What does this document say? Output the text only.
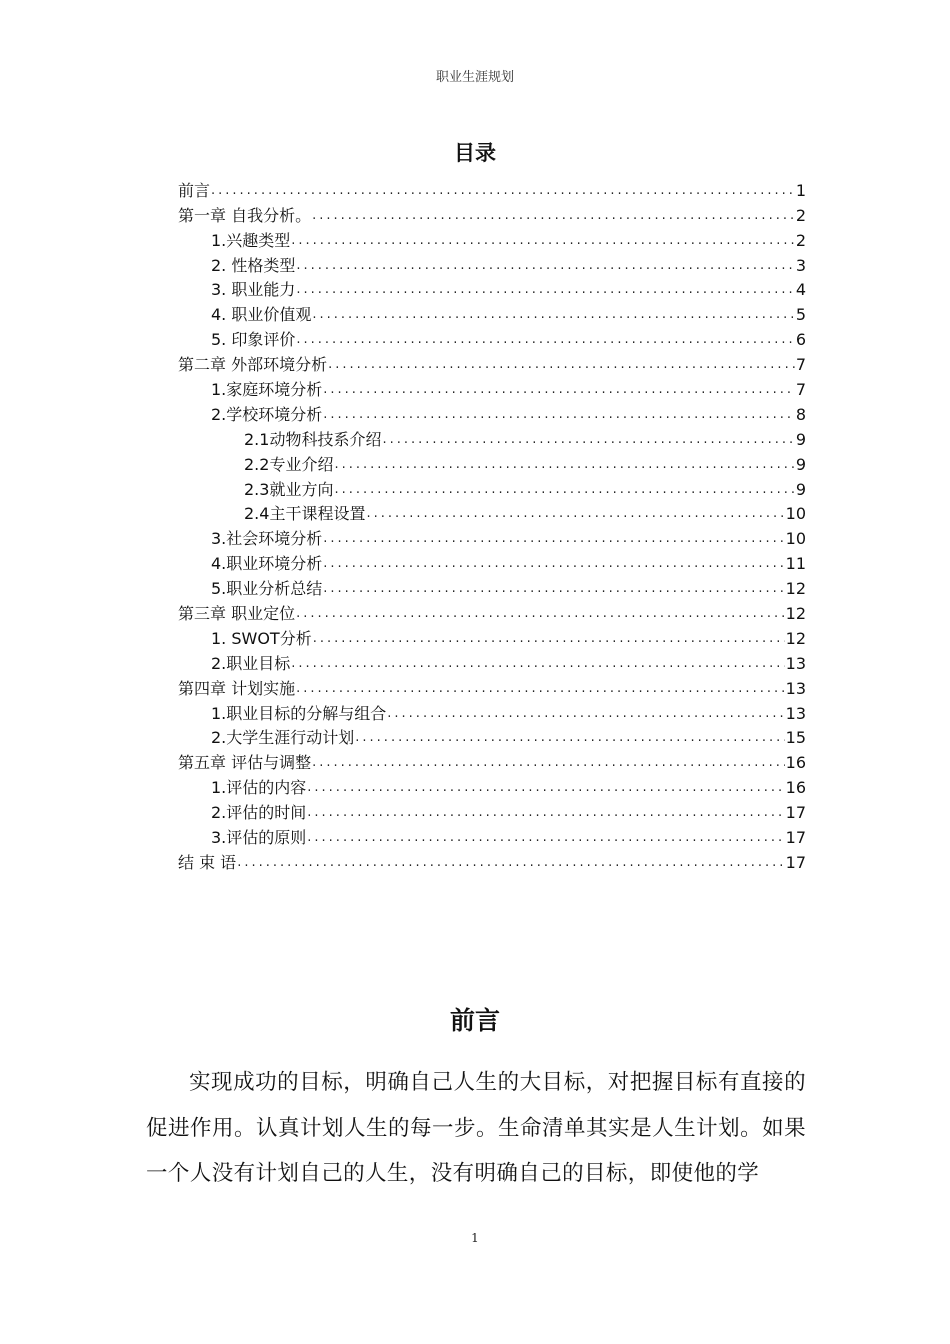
职业生涯规划
目录
前言 .....	1
第一章 自我分析。 .....	2
1.兴趣类型 .....	2
2. 性格类型 .....	3
3. 职业能力 .....	4
4. 职业价值观 .....	5
5. 印象评价 .....	6
第二章 外部环境分析 .....	7
1.家庭环境分析 .....	7
2.学校环境分析 .....	8
2.1动物科技系介绍 .....	9
2.2专业介绍 .....	9
2.3就业方向 .....	9
2.4主干课程设置 .....	10
3.社会环境分析 .....	10
4.职业环境分析 .....	11
5.职业分析总结 .....	12
第三章 职业定位 .....	12
1. SWOT分析 .....	12
2.职业目标 .....	13
第四章 计划实施 .....	13
1.职业目标的分解与组合 .....	13
2.大学生涯行动计划 .....	15
第五章 评估与调整 .....	16
1.评估的内容 .....	16
2.评估的时间 .....	17
3.评估的原则 .....	17
结 束 语 .....	17
前言

实现成功的目标，明确自己人生的大目标，对把握目标有直接的促进作用。认真计划人生的每一步。生命清单其实是人生计划。如果一个人没有计划自己的人生，没有明确自己的目标，即使他的学

1
